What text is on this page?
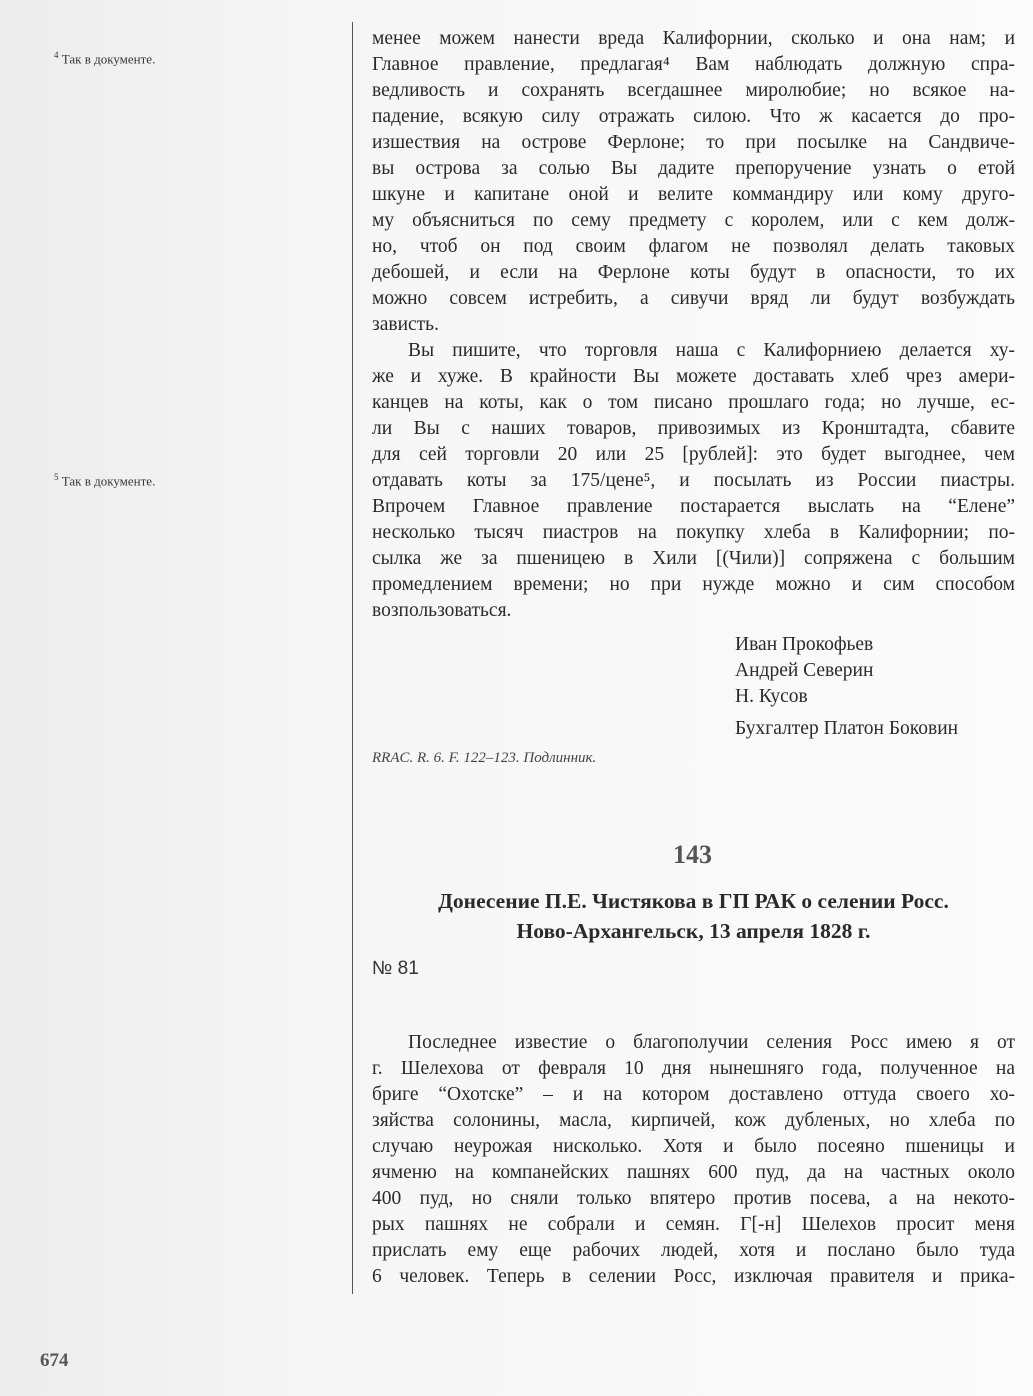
$^4$ Так в документе.
$^5$ Так в документе.
менее можем нанести вреда Калифорнии, сколько и она нам; и
Главное правление, предлагая⁴ Вам наблюдать должную спра-
ведливость и сохранять всегдашнее миролюбие; но всякое на-
падение, всякую силу отражать силою. Что ж касается до про-
изшествия на острове Ферлоне; то при посылке на Сандвиче-
вы острова за солью Вы дадите препоручение узнать о етой
шкуне и капитане оной и велите коммандиру или кому друго-
му объясниться по сему предмету с королем, или с кем долж-
но, чтоб он под своим флагом не позволял делать таковых
дебошей, и если на Ферлоне коты будут в опасности, то их
можно совсем истребить, а сивучи вряд ли будут возбуждать
зависть.
Вы пишите, что торговля наша с Калифорниею делается ху-
же и хуже. В крайности Вы можете доставать хлеб чрез амери-
канцев на коты, как о том писано прошлаго года; но лучше, ес-
ли Вы с наших товаров, привозимых из Кронштадта, сбавите
для сей торговли 20 или 25 [рублей]: это будет выгоднее, чем
отдавать коты за 175/цене⁵, и посылать из России пиастры.
Впрочем Главное правление постарается выслать на “Елене”
несколько тысяч пиастров на покупку хлеба в Калифорнии; по-
сылка же за пшеницею в Хили [(Чили)] сопряжена с большим
промедлением времени; но при нужде можно и сим способом
возпользоваться.
Иван Прокофьев
Андрей Северин
Н. Кусов
Бухгалтер Платон Боковин
RRAC. R. 6. F. 122–123. Подлинник.
143
Донесение П.Е. Чистякова в ГП РАК о селении Росс.
Ново-Архангельск, 13 апреля 1828 г.
№ 81
Последнее известие о благополучии селения Росс имею я от
г. Шелехова от февраля 10 дня нынешняго года, полученное на
бриге “Охотске” – и на котором доставлено оттуда своего хо-
зяйства солонины, масла, кирпичей, кож дубленых, но хлеба по
случаю неурожая нисколько. Хотя и было посеяно пшеницы и
ячменю на компанейских пашнях 600 пуд, да на частных около
400 пуд, но сняли только впятеро против посева, а на некото-
рых пашнях не собрали и семян. Г[-н] Шелехов просит меня
прислать ему еще рабочих людей, хотя и послано было туда
6 человек. Теперь в селении Росс, изключая правителя и прика-
674
